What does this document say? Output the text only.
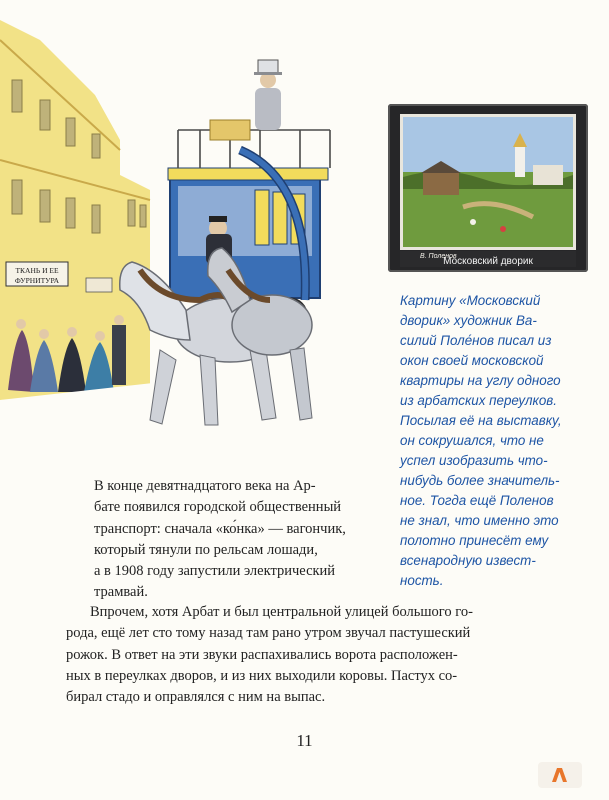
ТКАНЬ И ЕЕ
ФУРНИТУРА
Московский дворик
В. Поленов
Картину «Московский
дворик» художник Ва-
силий Поле́нов писал из
окон своей московской
квартиры на углу одного
из арбатских переулков.
Посылая её на выставку,
он сокрушался, что не
успел изобразить что-
нибудь более значитель-
ное. Тогда ещё Поленов
не знал, что именно это
полотно принесёт ему
всенародную извест-
ность.
В конце девятнадцатого века на Ар-
бате появился городской общественный
транспорт: сначала «ко́нка» — вагончик,
который тянули по рельсам лошади,
а в 1908 году запустили электрический
трамвай.
Впрочем, хотя Арбат и был центральной улицей большого го-
рода, ещё лет сто тому назад там рано утром звучал пастушеский
рожок. В ответ на эти звуки распахивались ворота расположен-
ных в переулках дворов, и из них выходили коровы. Пастух со-
бирал стадо и оправлялся с ним на выпас.
11
